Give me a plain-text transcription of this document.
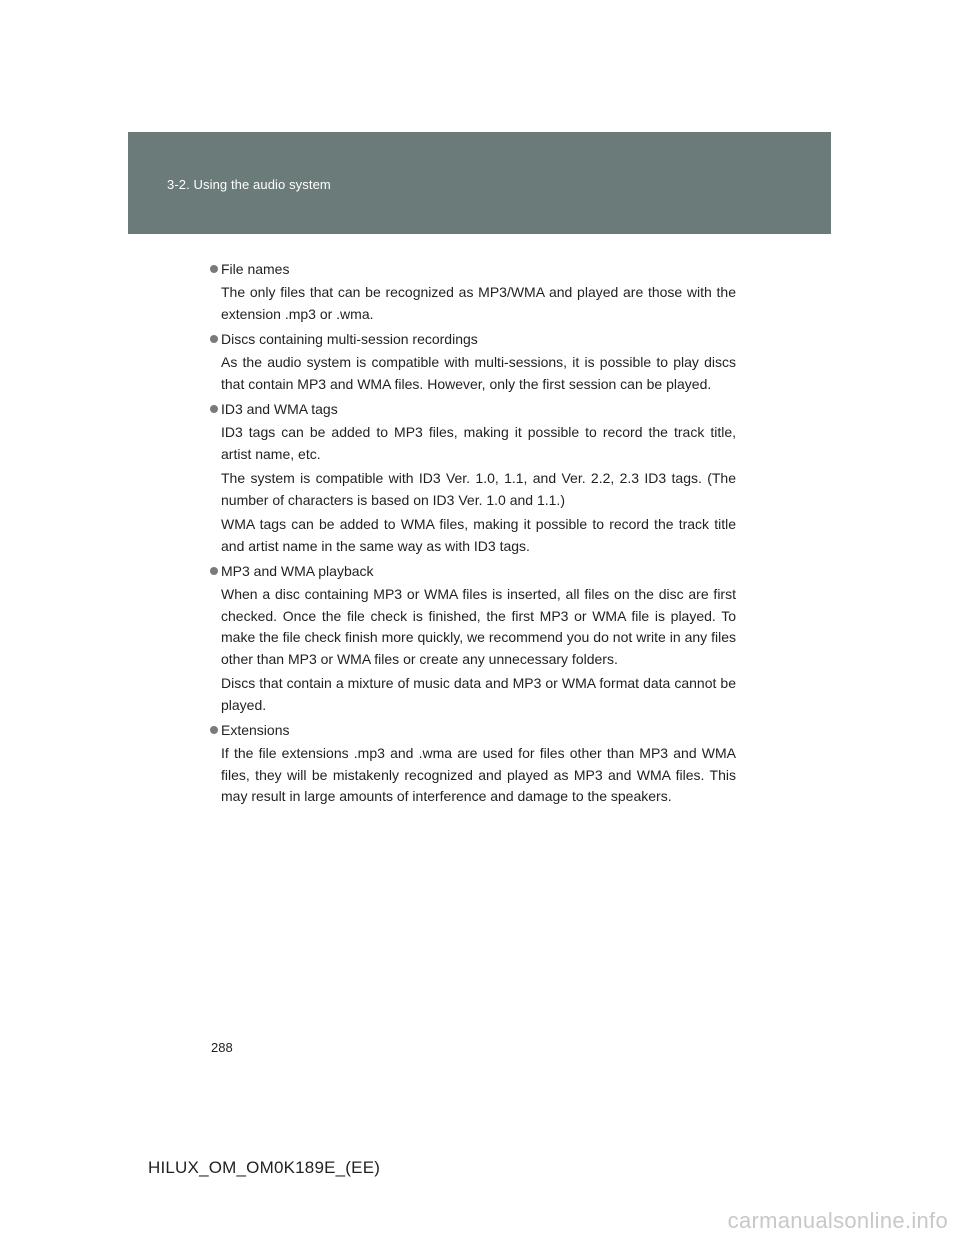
3-2. Using the audio system
File names

The only files that can be recognized as MP3/WMA and played are those with the extension .mp3 or .wma.

Discs containing multi-session recordings

As the audio system is compatible with multi-sessions, it is possible to play discs that contain MP3 and WMA files. However, only the first session can be played.

ID3 and WMA tags

ID3 tags can be added to MP3 files, making it possible to record the track title, artist name, etc.

The system is compatible with ID3 Ver. 1.0, 1.1, and Ver. 2.2, 2.3 ID3 tags. (The number of characters is based on ID3 Ver. 1.0 and 1.1.)

WMA tags can be added to WMA files, making it possible to record the track title and artist name in the same way as with ID3 tags.

MP3 and WMA playback

When a disc containing MP3 or WMA files is inserted, all files on the disc are first checked. Once the file check is finished, the first MP3 or WMA file is played. To make the file check finish more quickly, we recommend you do not write in any files other than MP3 or WMA files or create any unnecessary folders.

Discs that contain a mixture of music data and MP3 or WMA format data cannot be played.

Extensions

If the file extensions .mp3 and .wma are used for files other than MP3 and WMA files, they will be mistakenly recognized and played as MP3 and WMA files. This may result in large amounts of interference and damage to the speakers.

288
HILUX_OM_OM0K189E_(EE)
carmanualsonline.info
